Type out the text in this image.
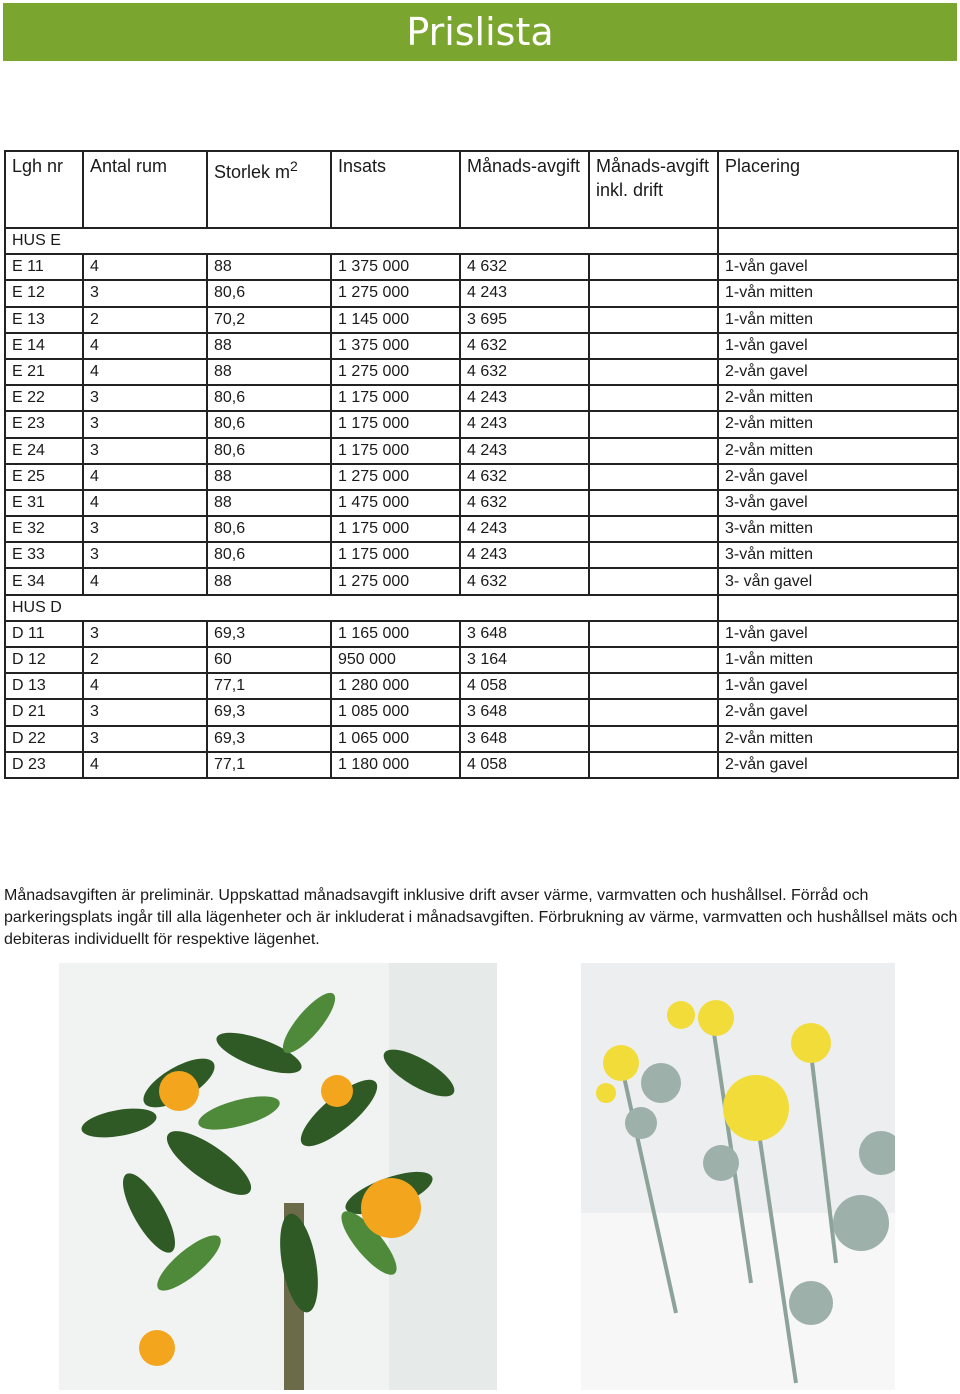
Prislista
Lgh nr	Antal rum	Storlek $m^2$	Insats	Månads-avgift	Månads-avgift inkl. drift	Placering
HUS E						
E 11	4	88	1 375 000	4 632		1-vån gavel
E 12	3	80,6	1 275 000	4 243		1-vån mitten
E 13	2	70,2	1 145 000	3 695		1-vån mitten
E 14	4	88	1 375 000	4 632		1-vån gavel
E 21	4	88	1 275 000	4 632		2-vån gavel
E 22	3	80,6	1 175 000	4 243		2-vån mitten
E 23	3	80,6	1 175 000	4 243		2-vån mitten
E 24	3	80,6	1 175 000	4 243		2-vån mitten
E 25	4	88	1 275 000	4 632		2-vån gavel
E 31	4	88	1 475 000	4 632		3-vån gavel
E 32	3	80,6	1 175 000	4 243		3-vån mitten
E 33	3	80,6	1 175 000	4 243		3-vån mitten
E 34	4	88	1 275 000	4 632		3- vån gavel
HUS D						
D 11	3	69,3	1 165 000	3 648		1-vån gavel
D 12	2	60	950 000	3 164		1-vån mitten
D 13	4	77,1	1 280 000	4 058		1-vån gavel
D 21	3	69,3	1 085 000	3 648		2-vån gavel
D 22	3	69,3	1 065 000	3 648		2-vån mitten
D 23	4	77,1	1 180 000	4 058		2-vån gavel
Månadsavgiften är preliminär. Uppskattad månadsavgift inklusive drift avser värme, varmvatten och hushållsel. Förråd och parkeringsplats ingår till alla lägenheter och är inkluderat i månadsavgiften. Förbrukning av värme, varmvatten och hushållsel mäts och debiteras individuellt för respektive lägenhet.
